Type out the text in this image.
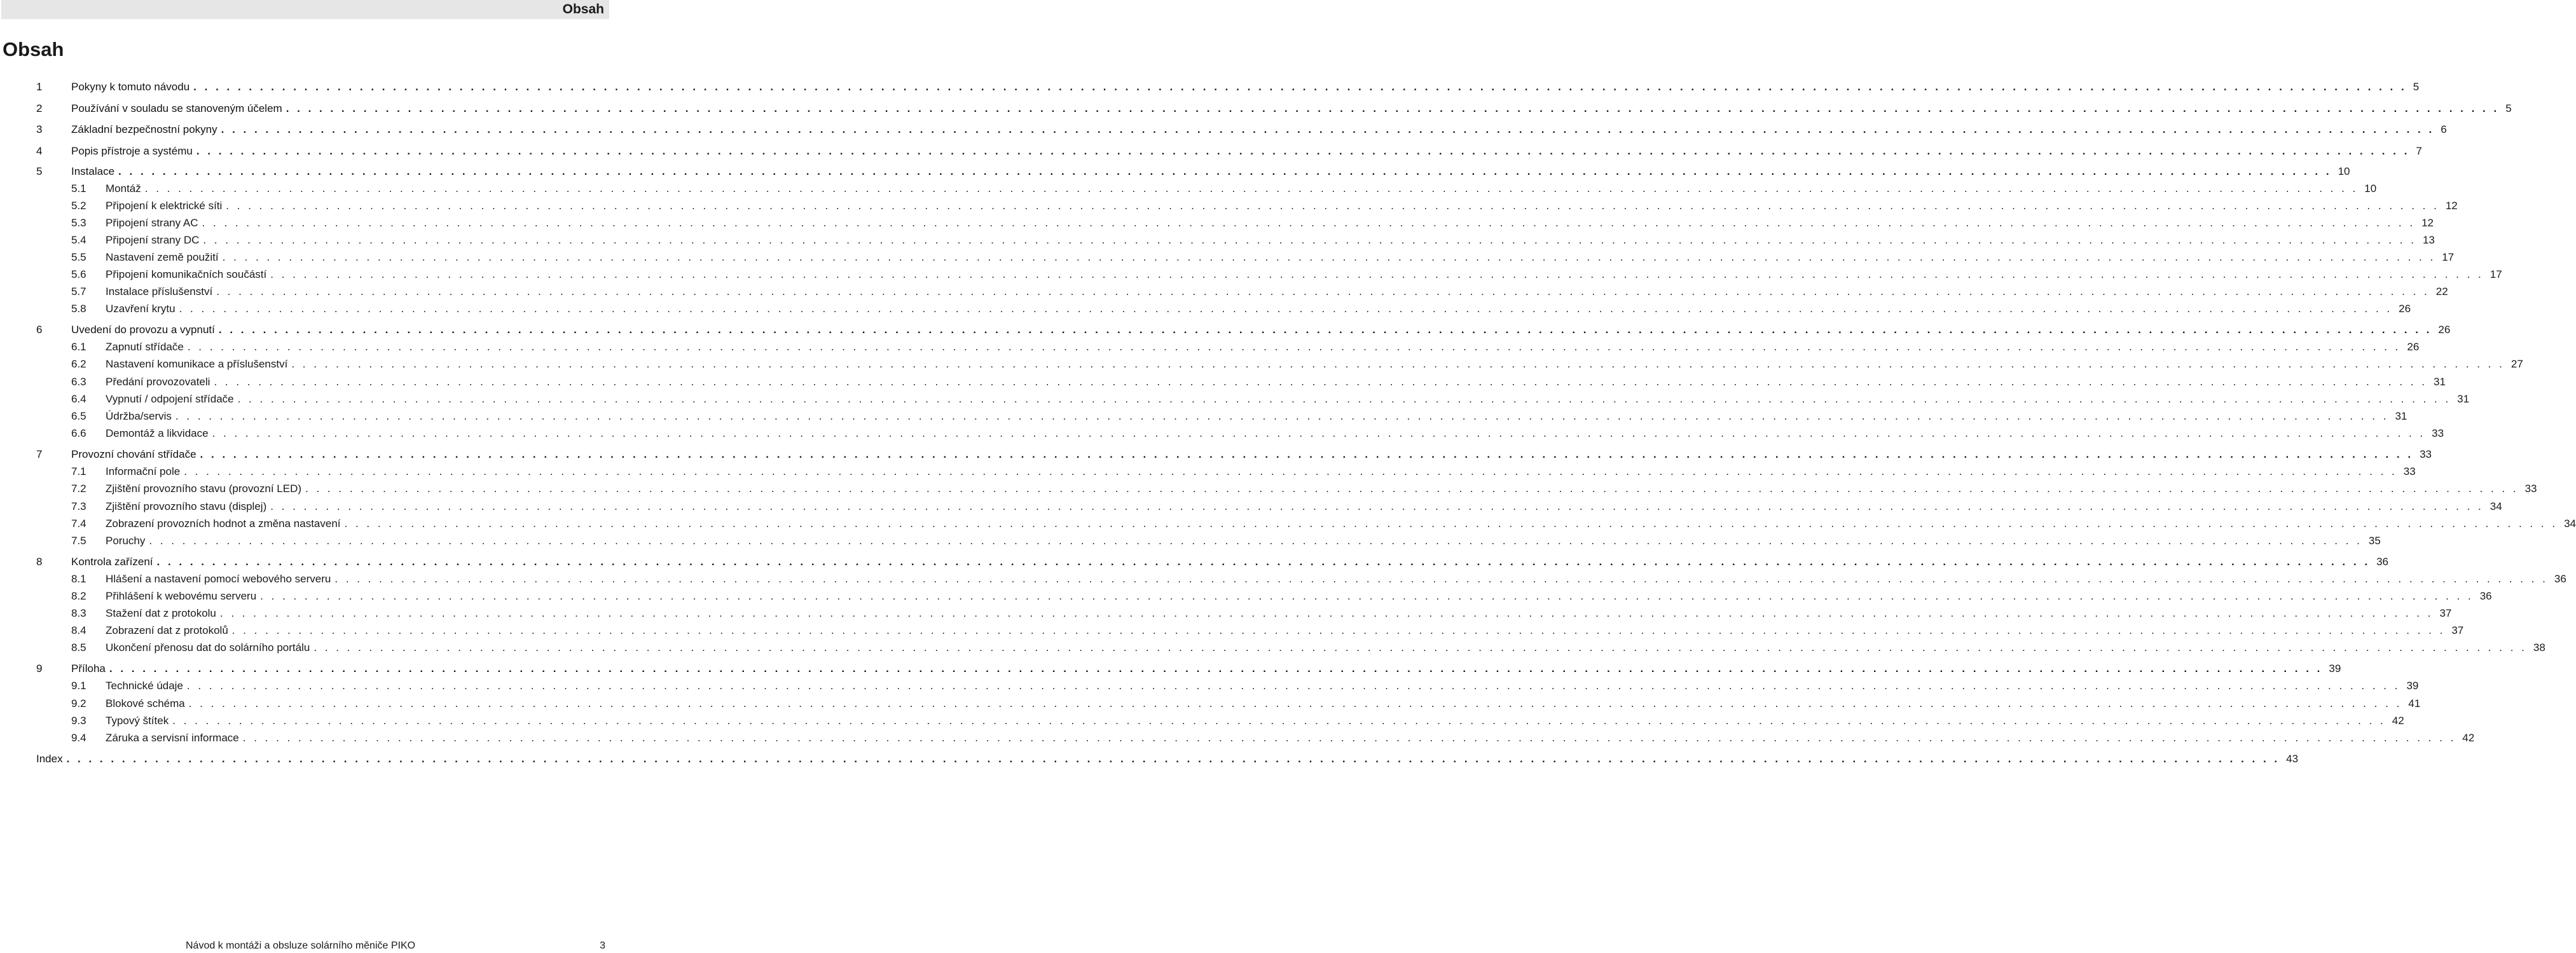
Obsah
Obsah
1	Pokyny k tomuto návodu . . . . . . . . . . . . . . . . . . . . . . . . . . . . . . . . . . . . . . . . . . . . . . . . . . . . . . . . . . . . . . . . . . . . . . . . . . . . . . . . . . . . . . . . . . . . . . . . . . . . . . . . . . . . . . . . . . . . . . . . . . . . . . . . . . . . . . . . . . . . . . . . . . . . . . . . . . . . . . . . . . . . . . . . . . . . . . . . . . . . . . . . . . . . . . . . . . . . . . . . 5
2	Používání v souladu se stanoveným účelem . . . . . . . . . . . . . . . . . . . . . . . . . . . . . . . . . . . . . . . . . . . . . . . . . . . . . . . . . . . . . . . . . . . . . . . . . . . . . . . . . . . . . . . . . . . . . . . . . . . . . . . . . . . . . . . . . . . . . . . . . . . . . . . . . . . . . . . . . . . . . . . . . . . . . . . . . . . . . . . . . . . . . . . . . . . . . . . . . . . . . . . . . . . . . . . . . . . . . . . . 5
3	Základní bezpečnostní pokyny . . . . . . . . . . . . . . . . . . . . . . . . . . . . . . . . . . . . . . . . . . . . . . . . . . . . . . . . . . . . . . . . . . . . . . . . . . . . . . . . . . . . . . . . . . . . . . . . . . . . . . . . . . . . . . . . . . . . . . . . . . . . . . . . . . . . . . . . . . . . . . . . . . . . . . . . . . . . . . . . . . . . . . . . . . . . . . . . . . . . . . . . . . . . . . . . . . . . . . . . 6
4	Popis přístroje a systému . . . . . . . . . . . . . . . . . . . . . . . . . . . . . . . . . . . . . . . . . . . . . . . . . . . . . . . . . . . . . . . . . . . . . . . . . . . . . . . . . . . . . . . . . . . . . . . . . . . . . . . . . . . . . . . . . . . . . . . . . . . . . . . . . . . . . . . . . . . . . . . . . . . . . . . . . . . . . . . . . . . . . . . . . . . . . . . . . . . . . . . . . . . . . . . . . . . . . . . . 7
5	Instalace . . . . . . . . . . . . . . . . . . . . . . . . . . . . . . . . . . . . . . . . . . . . . . . . . . . . . . . . . . . . . . . . . . . . . . . . . . . . . . . . . . . . . . . . . . . . . . . . . . . . . . . . . . . . . . . . . . . . . . . . . . . . . . . . . . . . . . . . . . . . . . . . . . . . . . . . . . . . . . . . . . . . . . . . . . . . . . . . . . . . . . . . . . . . . . . . . . . . . . . . 10
5.1 Montáž . . . . . . . . . . . . . . . . . . . . . . . . . . . . . . . . . . . . . . . . . . . . . . . . . . . . . . . . . . . . . . . . . . . . . . . . . . . . . . . . . . . . . . . . . . . . . . . . . . . . . . . . . . . . . . . . . . . . . . . . . . . . . . . . . . . . . . . . . . . . . . . . . . . . . . . . . . . . . . . . . . . . . . . . . . . . . . . . . . . . . . . . . . . . . . . . . . . . . . . . 10
5.2 Připojení k elektrické síti . . . . . . . . . . . . . . . . . . . . . . . . . . . . . . . . . . . . . . . . . . . . . . . . . . . . . . . . . . . . . . . . . . . . . . . . . . . . . . . . . . . . . . . . . . . . . . . . . . . . . . . . . . . . . . . . . . . . . . . . . . . . . . . . . . . . . . . . . . . . . . . . . . . . . . . . . . . . . . . . . . . . . . . . . . . . . . . . . . . . . . . . . . . . . . . . . . . . . . . . 12
5.3 Připojení strany AC . . . . . . . . . . . . . . . . . . . . . . . . . . . . . . . . . . . . . . . . . . . . . . . . . . . . . . . . . . . . . . . . . . . . . . . . . . . . . . . . . . . . . . . . . . . . . . . . . . . . . . . . . . . . . . . . . . . . . . . . . . . . . . . . . . . . . . . . . . . . . . . . . . . . . . . . . . . . . . . . . . . . . . . . . . . . . . . . . . . . . . . . . . . . . . . . . . . . . . . . 12
5.4 Připojení strany DC . . . . . . . . . . . . . . . . . . . . . . . . . . . . . . . . . . . . . . . . . . . . . . . . . . . . . . . . . . . . . . . . . . . . . . . . . . . . . . . . . . . . . . . . . . . . . . . . . . . . . . . . . . . . . . . . . . . . . . . . . . . . . . . . . . . . . . . . . . . . . . . . . . . . . . . . . . . . . . . . . . . . . . . . . . . . . . . . . . . . . . . . . . . . . . . . . . . . . . . . 13
5.5 Nastavení země použití . . . . . . . . . . . . . . . . . . . . . . . . . . . . . . . . . . . . . . . . . . . . . . . . . . . . . . . . . . . . . . . . . . . . . . . . . . . . . . . . . . . . . . . . . . . . . . . . . . . . . . . . . . . . . . . . . . . . . . . . . . . . . . . . . . . . . . . . . . . . . . . . . . . . . . . . . . . . . . . . . . . . . . . . . . . . . . . . . . . . . . . . . . . . . . . . . . . . . . . . 17
5.6 Připojení komunikačních součástí . . . . . . . . . . . . . . . . . . . . . . . . . . . . . . . . . . . . . . . . . . . . . . . . . . . . . . . . . . . . . . . . . . . . . . . . . . . . . . . . . . . . . . . . . . . . . . . . . . . . . . . . . . . . . . . . . . . . . . . . . . . . . . . . . . . . . . . . . . . . . . . . . . . . . . . . . . . . . . . . . . . . . . . . . . . . . . . . . . . . . . . . . . . . . . . . . . . . . . . . 17
5.7 Instalace příslušenství . . . . . . . . . . . . . . . . . . . . . . . . . . . . . . . . . . . . . . . . . . . . . . . . . . . . . . . . . . . . . . . . . . . . . . . . . . . . . . . . . . . . . . . . . . . . . . . . . . . . . . . . . . . . . . . . . . . . . . . . . . . . . . . . . . . . . . . . . . . . . . . . . . . . . . . . . . . . . . . . . . . . . . . . . . . . . . . . . . . . . . . . . . . . . . . . . . . . . . . . 22
5.8 Uzavření krytu . . . . . . . . . . . . . . . . . . . . . . . . . . . . . . . . . . . . . . . . . . . . . . . . . . . . . . . . . . . . . . . . . . . . . . . . . . . . . . . . . . . . . . . . . . . . . . . . . . . . . . . . . . . . . . . . . . . . . . . . . . . . . . . . . . . . . . . . . . . . . . . . . . . . . . . . . . . . . . . . . . . . . . . . . . . . . . . . . . . . . . . . . . . . . . . . . . . . . . . . 26
6	Uvedení do provozu a vypnutí . . . . . . . . . . . . . . . . . . . . . . . . . . . . . . . . . . . . . . . . . . . . . . . . . . . . . . . . . . . . . . . . . . . . . . . . . . . . . . . . . . . . . . . . . . . . . . . . . . . . . . . . . . . . . . . . . . . . . . . . . . . . . . . . . . . . . . . . . . . . . . . . . . . . . . . . . . . . . . . . . . . . . . . . . . . . . . . . . . . . . . . . . . . . . . . . . . . . . . . . 26
6.1 Zapnutí střídače . . . . . . . . . . . . . . . . . . . . . . . . . . . . . . . . . . . . . . . . . . . . . . . . . . . . . . . . . . . . . . . . . . . . . . . . . . . . . . . . . . . . . . . . . . . . . . . . . . . . . . . . . . . . . . . . . . . . . . . . . . . . . . . . . . . . . . . . . . . . . . . . . . . . . . . . . . . . . . . . . . . . . . . . . . . . . . . . . . . . . . . . . . . . . . . . . . . . . . . . 26
6.2 Nastavení komunikace a příslušenství . . . . . . . . . . . . . . . . . . . . . . . . . . . . . . . . . . . . . . . . . . . . . . . . . . . . . . . . . . . . . . . . . . . . . . . . . . . . . . . . . . . . . . . . . . . . . . . . . . . . . . . . . . . . . . . . . . . . . . . . . . . . . . . . . . . . . . . . . . . . . . . . . . . . . . . . . . . . . . . . . . . . . . . . . . . . . . . . . . . . . . . . . . . . . . . . . . . . . . . . 27
6.3 Předání provozovateli . . . . . . . . . . . . . . . . . . . . . . . . . . . . . . . . . . . . . . . . . . . . . . . . . . . . . . . . . . . . . . . . . . . . . . . . . . . . . . . . . . . . . . . . . . . . . . . . . . . . . . . . . . . . . . . . . . . . . . . . . . . . . . . . . . . . . . . . . . . . . . . . . . . . . . . . . . . . . . . . . . . . . . . . . . . . . . . . . . . . . . . . . . . . . . . . . . . . . . . . 31
6.4 Vypnutí / odpojení střídače . . . . . . . . . . . . . . . . . . . . . . . . . . . . . . . . . . . . . . . . . . . . . . . . . . . . . . . . . . . . . . . . . . . . . . . . . . . . . . . . . . . . . . . . . . . . . . . . . . . . . . . . . . . . . . . . . . . . . . . . . . . . . . . . . . . . . . . . . . . . . . . . . . . . . . . . . . . . . . . . . . . . . . . . . . . . . . . . . . . . . . . . . . . . . . . . . . . . . . . . 31
6.5 Údržba/servis . . . . . . . . . . . . . . . . . . . . . . . . . . . . . . . . . . . . . . . . . . . . . . . . . . . . . . . . . . . . . . . . . . . . . . . . . . . . . . . . . . . . . . . . . . . . . . . . . . . . . . . . . . . . . . . . . . . . . . . . . . . . . . . . . . . . . . . . . . . . . . . . . . . . . . . . . . . . . . . . . . . . . . . . . . . . . . . . . . . . . . . . . . . . . . . . . . . . . . . . 31
6.6 Demontáž a likvidace . . . . . . . . . . . . . . . . . . . . . . . . . . . . . . . . . . . . . . . . . . . . . . . . . . . . . . . . . . . . . . . . . . . . . . . . . . . . . . . . . . . . . . . . . . . . . . . . . . . . . . . . . . . . . . . . . . . . . . . . . . . . . . . . . . . . . . . . . . . . . . . . . . . . . . . . . . . . . . . . . . . . . . . . . . . . . . . . . . . . . . . . . . . . . . . . . . . . . . . . 33
7	Provozní chování střídače . . . . . . . . . . . . . . . . . . . . . . . . . . . . . . . . . . . . . . . . . . . . . . . . . . . . . . . . . . . . . . . . . . . . . . . . . . . . . . . . . . . . . . . . . . . . . . . . . . . . . . . . . . . . . . . . . . . . . . . . . . . . . . . . . . . . . . . . . . . . . . . . . . . . . . . . . . . . . . . . . . . . . . . . . . . . . . . . . . . . . . . . . . . . . . . . . . . . . . . . 33
7.1 Informační pole . . . . . . . . . . . . . . . . . . . . . . . . . . . . . . . . . . . . . . . . . . . . . . . . . . . . . . . . . . . . . . . . . . . . . . . . . . . . . . . . . . . . . . . . . . . . . . . . . . . . . . . . . . . . . . . . . . . . . . . . . . . . . . . . . . . . . . . . . . . . . . . . . . . . . . . . . . . . . . . . . . . . . . . . . . . . . . . . . . . . . . . . . . . . . . . . . . . . . . . . 33
7.2 Zjištění provozního stavu (provozní LED) . . . . . . . . . . . . . . . . . . . . . . . . . . . . . . . . . . . . . . . . . . . . . . . . . . . . . . . . . . . . . . . . . . . . . . . . . . . . . . . . . . . . . . . . . . . . . . . . . . . . . . . . . . . . . . . . . . . . . . . . . . . . . . . . . . . . . . . . . . . . . . . . . . . . . . . . . . . . . . . . . . . . . . . . . . . . . . . . . . . . . . . . . . . . . . . . . . . . . . . . 33
7.3 Zjištění provozního stavu (displej) . . . . . . . . . . . . . . . . . . . . . . . . . . . . . . . . . . . . . . . . . . . . . . . . . . . . . . . . . . . . . . . . . . . . . . . . . . . . . . . . . . . . . . . . . . . . . . . . . . . . . . . . . . . . . . . . . . . . . . . . . . . . . . . . . . . . . . . . . . . . . . . . . . . . . . . . . . . . . . . . . . . . . . . . . . . . . . . . . . . . . . . . . . . . . . . . . . . . . . . . 34
7.4 Zobrazení provozních hodnot a změna nastavení . . . . . . . . . . . . . . . . . . . . . . . . . . . . . . . . . . . . . . . . . . . . . . . . . . . . . . . . . . . . . . . . . . . . . . . . . . . . . . . . . . . . . . . . . . . . . . . . . . . . . . . . . . . . . . . . . . . . . . . . . . . . . . . . . . . . . . . . . . . . . . . . . . . . . . . . . . . . . . . . . . . . . . . . . . . . . . . . . . . . . . . . . . . . . . . . . . . . . . . . 34
7.5 Poruchy . . . . . . . . . . . . . . . . . . . . . . . . . . . . . . . . . . . . . . . . . . . . . . . . . . . . . . . . . . . . . . . . . . . . . . . . . . . . . . . . . . . . . . . . . . . . . . . . . . . . . . . . . . . . . . . . . . . . . . . . . . . . . . . . . . . . . . . . . . . . . . . . . . . . . . . . . . . . . . . . . . . . . . . . . . . . . . . . . . . . . . . . . . . . . . . . . . . . . . . . 35
8	Kontrola zařízení . . . . . . . . . . . . . . . . . . . . . . . . . . . . . . . . . . . . . . . . . . . . . . . . . . . . . . . . . . . . . . . . . . . . . . . . . . . . . . . . . . . . . . . . . . . . . . . . . . . . . . . . . . . . . . . . . . . . . . . . . . . . . . . . . . . . . . . . . . . . . . . . . . . . . . . . . . . . . . . . . . . . . . . . . . . . . . . . . . . . . . . . . . . . . . . . . . . . . . . . 36
8.1 Hlášení a nastavení pomocí webového serveru . . . . . . . . . . . . . . . . . . . . . . . . . . . . . . . . . . . . . . . . . . . . . . . . . . . . . . . . . . . . . . . . . . . . . . . . . . . . . . . . . . . . . . . . . . . . . . . . . . . . . . . . . . . . . . . . . . . . . . . . . . . . . . . . . . . . . . . . . . . . . . . . . . . . . . . . . . . . . . . . . . . . . . . . . . . . . . . . . . . . . . . . . . . . . . . . . . . . . . . . 36
8.2 Přihlášení k webovému serveru . . . . . . . . . . . . . . . . . . . . . . . . . . . . . . . . . . . . . . . . . . . . . . . . . . . . . . . . . . . . . . . . . . . . . . . . . . . . . . . . . . . . . . . . . . . . . . . . . . . . . . . . . . . . . . . . . . . . . . . . . . . . . . . . . . . . . . . . . . . . . . . . . . . . . . . . . . . . . . . . . . . . . . . . . . . . . . . . . . . . . . . . . . . . . . . . . . . . . . . . 36
8.3 Stažení dat z protokolu . . . . . . . . . . . . . . . . . . . . . . . . . . . . . . . . . . . . . . . . . . . . . . . . . . . . . . . . . . . . . . . . . . . . . . . . . . . . . . . . . . . . . . . . . . . . . . . . . . . . . . . . . . . . . . . . . . . . . . . . . . . . . . . . . . . . . . . . . . . . . . . . . . . . . . . . . . . . . . . . . . . . . . . . . . . . . . . . . . . . . . . . . . . . . . . . . . . . . . . . 37
8.4 Zobrazení dat z protokolů . . . . . . . . . . . . . . . . . . . . . . . . . . . . . . . . . . . . . . . . . . . . . . . . . . . . . . . . . . . . . . . . . . . . . . . . . . . . . . . . . . . . . . . . . . . . . . . . . . . . . . . . . . . . . . . . . . . . . . . . . . . . . . . . . . . . . . . . . . . . . . . . . . . . . . . . . . . . . . . . . . . . . . . . . . . . . . . . . . . . . . . . . . . . . . . . . . . . . . . . 37
8.5 Ukončení přenosu dat do solárního portálu . . . . . . . . . . . . . . . . . . . . . . . . . . . . . . . . . . . . . . . . . . . . . . . . . . . . . . . . . . . . . . . . . . . . . . . . . . . . . . . . . . . . . . . . . . . . . . . . . . . . . . . . . . . . . . . . . . . . . . . . . . . . . . . . . . . . . . . . . . . . . . . . . . . . . . . . . . . . . . . . . . . . . . . . . . . . . . . . . . . . . . . . . . . . . . . . . . . . . . . . 38
9	Příloha . . . . . . . . . . . . . . . . . . . . . . . . . . . . . . . . . . . . . . . . . . . . . . . . . . . . . . . . . . . . . . . . . . . . . . . . . . . . . . . . . . . . . . . . . . . . . . . . . . . . . . . . . . . . . . . . . . . . . . . . . . . . . . . . . . . . . . . . . . . . . . . . . . . . . . . . . . . . . . . . . . . . . . . . . . . . . . . . . . . . . . . . . . . . . . . . . . . . . . . . 39
9.1 Technické údaje . . . . . . . . . . . . . . . . . . . . . . . . . . . . . . . . . . . . . . . . . . . . . . . . . . . . . . . . . . . . . . . . . . . . . . . . . . . . . . . . . . . . . . . . . . . . . . . . . . . . . . . . . . . . . . . . . . . . . . . . . . . . . . . . . . . . . . . . . . . . . . . . . . . . . . . . . . . . . . . . . . . . . . . . . . . . . . . . . . . . . . . . . . . . . . . . . . . . . . . . 39
9.2 Blokové schéma . . . . . . . . . . . . . . . . . . . . . . . . . . . . . . . . . . . . . . . . . . . . . . . . . . . . . . . . . . . . . . . . . . . . . . . . . . . . . . . . . . . . . . . . . . . . . . . . . . . . . . . . . . . . . . . . . . . . . . . . . . . . . . . . . . . . . . . . . . . . . . . . . . . . . . . . . . . . . . . . . . . . . . . . . . . . . . . . . . . . . . . . . . . . . . . . . . . . . . . . 41
9.3 Typový štítek . . . . . . . . . . . . . . . . . . . . . . . . . . . . . . . . . . . . . . . . . . . . . . . . . . . . . . . . . . . . . . . . . . . . . . . . . . . . . . . . . . . . . . . . . . . . . . . . . . . . . . . . . . . . . . . . . . . . . . . . . . . . . . . . . . . . . . . . . . . . . . . . . . . . . . . . . . . . . . . . . . . . . . . . . . . . . . . . . . . . . . . . . . . . . . . . . . . . . . . . 42
9.4 Záruka a servisní informace . . . . . . . . . . . . . . . . . . . . . . . . . . . . . . . . . . . . . . . . . . . . . . . . . . . . . . . . . . . . . . . . . . . . . . . . . . . . . . . . . . . . . . . . . . . . . . . . . . . . . . . . . . . . . . . . . . . . . . . . . . . . . . . . . . . . . . . . . . . . . . . . . . . . . . . . . . . . . . . . . . . . . . . . . . . . . . . . . . . . . . . . . . . . . . . . . . . . . . . . 42
Index . . . . . . . . . . . . . . . . . . . . . . . . . . . . . . . . . . . . . . . . . . . . . . . . . . . . . . . . . . . . . . . . . . . . . . . . . . . . . . . . . . . . . . . . . . . . . . . . . . . . . . . . . . . . . . . . . . . . . . . . . . . . . . . . . . . . . . . . . . . . . . . . . . . . . . . . . . . . . . . . . . . . . . . . . . . . . . . . . . . . . . . . . . . . . . . . . . . . . . . . 43
Návod k montáži a obsluze solárního měniče PIKO	3
